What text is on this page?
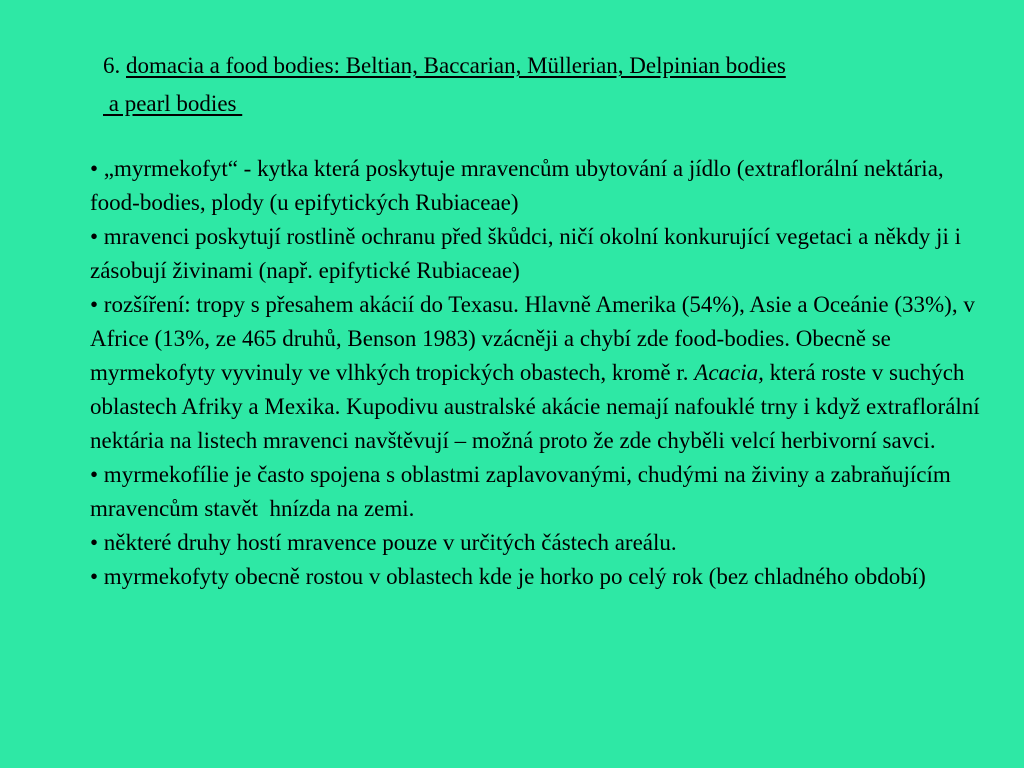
6. domacia a food bodies: Beltian, Baccarian, Müllerian, Delpinian bodies
a pearl bodies

• „myrmekofyt“ - kytka která poskytuje mravencům ubytování a jídlo (extraflorální nektária, food-bodies, plody (u epifytických Rubiaceae)

• mravenci poskytují rostlině ochranu před škůdci, ničí okolní konkurující vegetaci a někdy ji i zásobují živinami (např. epifytické Rubiaceae)

• rozšíření: tropy s přesahem akácií do Texasu. Hlavně Amerika (54%), Asie a Oceánie (33%), v Africe (13%, ze 465 druhů, Benson 1983) vzácněji a chybí zde food-bodies. Obecně se myrmekofyty vyvinuly ve vlhkých tropických obastech, kromě r. Acacia, která roste v suchých oblastech Afriky a Mexika. Kupodivu australské akácie nemají nafouklé trny i když extraflorální nektária na listech mravenci navštěvují – možná proto že zde chyběli velcí herbivorní savci.

• myrmekofílie je často spojena s oblastmi zaplavovanými, chudými na živiny a zabraňujícím mravencům stavět  hnízda na zemi.

• některé druhy hostí mravence pouze v určitých částech areálu.

• myrmekofyty obecně rostou v oblastech kde je horko po celý rok (bez chladného období)
